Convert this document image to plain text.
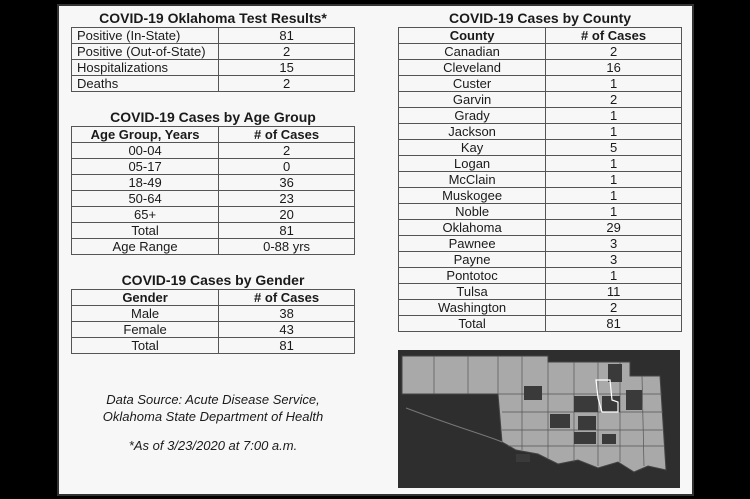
COVID-19 Oklahoma Test Results*
Positive (In-State)	81
Positive (Out-of-State)	2
Hospitalizations	15
Deaths	2
COVID-19 Cases by Age Group
Age Group, Years	# of Cases
00-04	2
05-17	0
18-49	36
50-64	23
65+	20
Total	81
Age Range	0-88 yrs
COVID-19 Cases by Gender
Gender	# of Cases
Male	38
Female	43
Total	81
Data Source: Acute Disease Service,
Oklahoma State Department of Health
*As of 3/23/2020 at 7:00 a.m.
COVID-19 Cases by County
County	# of Cases
Canadian	2
Cleveland	16
Custer	1
Garvin	2
Grady	1
Jackson	1
Kay	5
Logan	1
McClain	1
Muskogee	1
Noble	1
Oklahoma	29
Pawnee	3
Payne	3
Pontotoc	1
Tulsa	11
Washington	2
Total	81
